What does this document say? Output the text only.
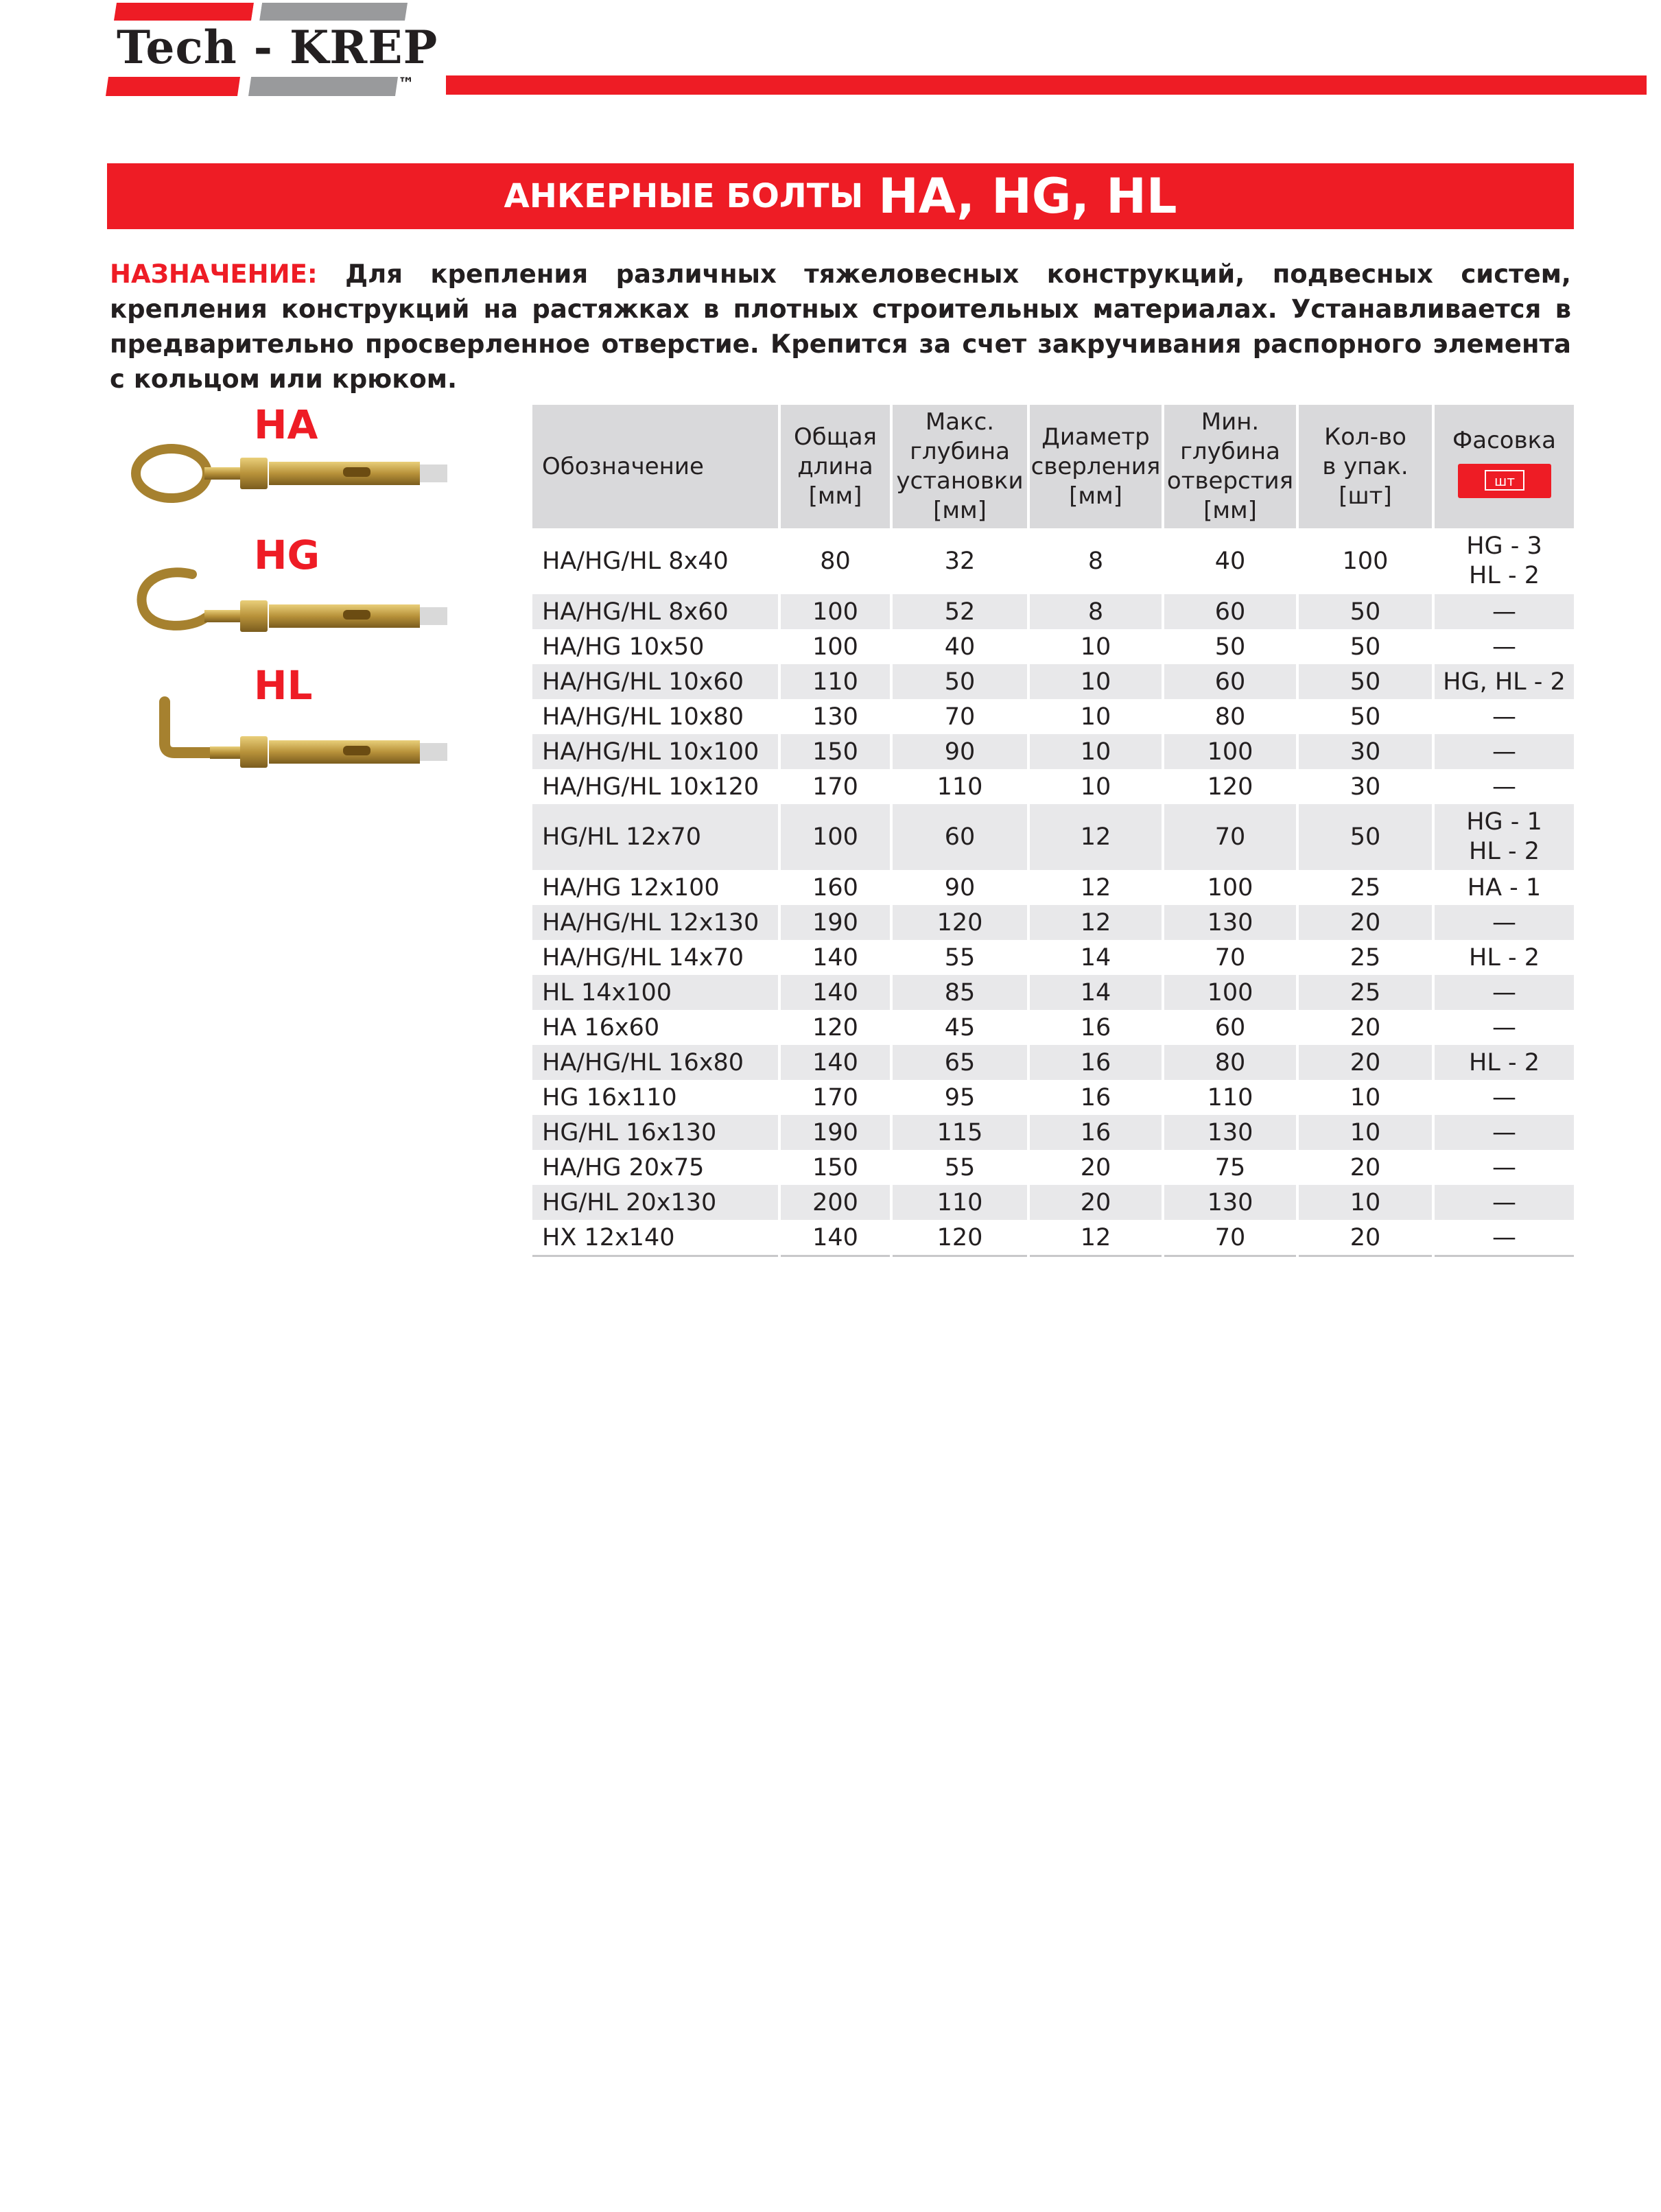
Tech - KREP
™
АНКЕРНЫЕ БОЛТЫ HA, HG, HL
НАЗНАЧЕНИЕ: Для крепления различных тяжеловесных конструкций, подвесных систем, крепления конструкций на растяжках в плотных строительных материалах. Устанавливается в предварительно просверленное отверстие. Крепится за счет закручивания распорного элемента с кольцом или крюком.
HA
HG
HL
Обозначение	Общая
длина
[мм]	Макс.
глубина
установки
[мм]	Диаметр
сверления
[мм]	Мин.
глубина
отверстия
[мм]	Кол-во
в упак.
[шт]	Фасовка

шт

HA/HG/HL 8x40	80	32	8	40	100	HG - 3
HL - 2
HA/HG/HL 8x60	100	52	8	60	50	—
HA/HG 10x50	100	40	10	50	50	—
HA/HG/HL 10x60	110	50	10	60	50	HG, HL - 2
HA/HG/HL 10x80	130	70	10	80	50	—
HA/HG/HL 10x100	150	90	10	100	30	—
HA/HG/HL 10x120	170	110	10	120	30	—
HG/HL 12x70	100	60	12	70	50	HG - 1
HL - 2
HA/HG 12x100	160	90	12	100	25	HA - 1
HA/HG/HL 12x130	190	120	12	130	20	—
HA/HG/HL 14x70	140	55	14	70	25	HL - 2
HL 14x100	140	85	14	100	25	—
HA 16x60	120	45	16	60	20	—
HA/HG/HL 16x80	140	65	16	80	20	HL - 2
HG 16x110	170	95	16	110	10	—
HG/HL 16x130	190	115	16	130	10	—
HA/HG 20x75	150	55	20	75	20	—
HG/HL 20x130	200	110	20	130	10	—
HX 12x140	140	120	12	70	20	—
